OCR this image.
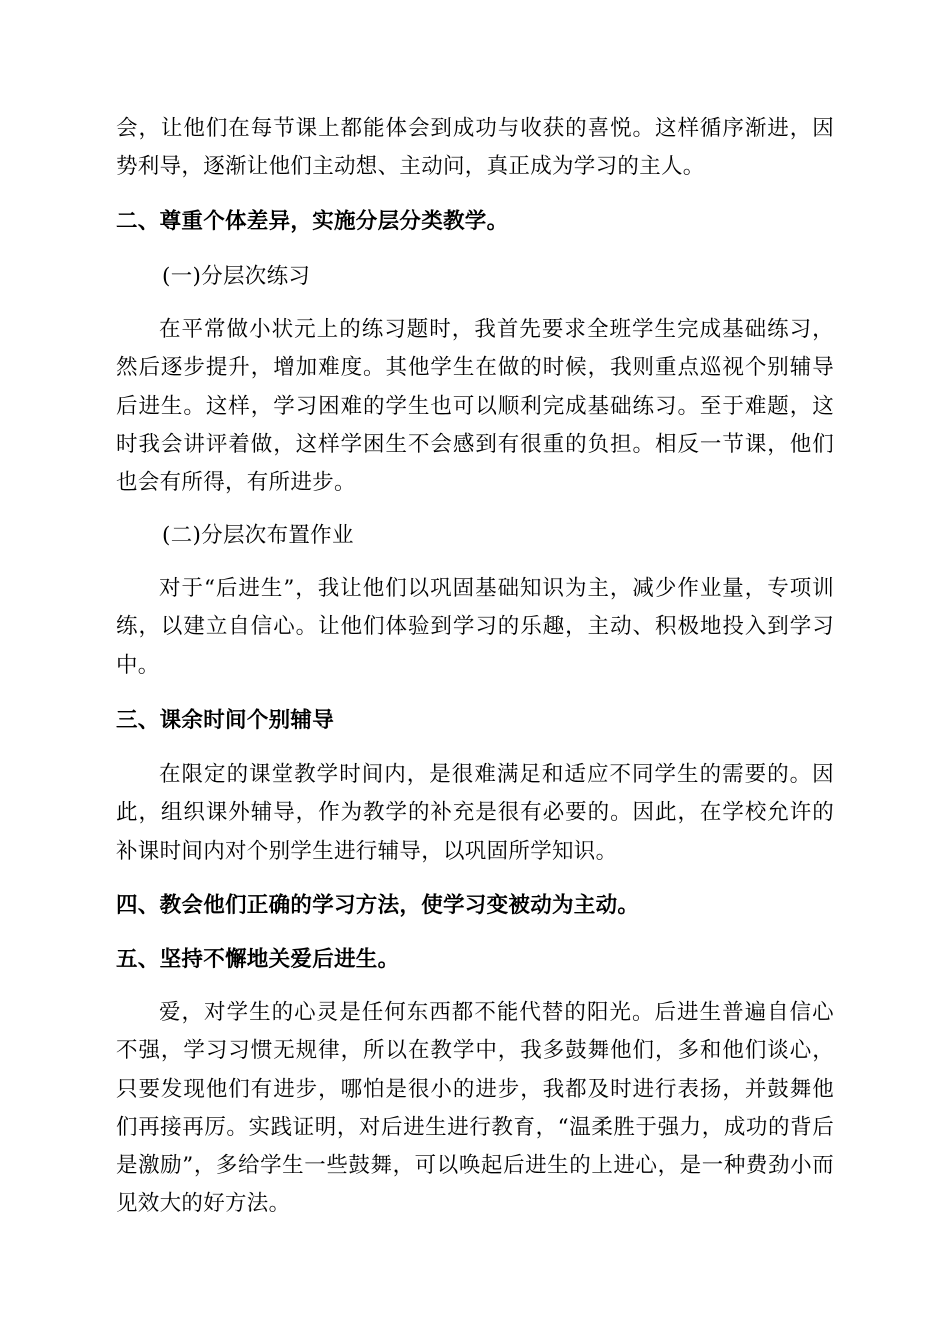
会，让他们在每节课上都能体会到成功与收获的喜悦。这样循序渐进，因势利导，逐渐让他们主动想、主动问，真正成为学习的主人。

二、尊重个体差异，实施分层分类教学。

(一)分层次练习

在平常做小状元上的练习题时，我首先要求全班学生完成基础练习，然后逐步提升，增加难度。其他学生在做的时候，我则重点巡视个别辅导后进生。这样，学习困难的学生也可以顺利完成基础练习。至于难题，这时我会讲评着做，这样学困生不会感到有很重的负担。相反一节课，他们也会有所得，有所进步。

(二)分层次布置作业

对于“后进生”，我让他们以巩固基础知识为主，减少作业量，专项训练，以建立自信心。让他们体验到学习的乐趣，主动、积极地投入到学习中。

三、课余时间个别辅导

在限定的课堂教学时间内，是很难满足和适应不同学生的需要的。因此，组织课外辅导，作为教学的补充是很有必要的。因此，在学校允许的补课时间内对个别学生进行辅导，以巩固所学知识。

四、教会他们正确的学习方法，使学习变被动为主动。

五、坚持不懈地关爱后进生。

爱，对学生的心灵是任何东西都不能代替的阳光。后进生普遍自信心不强，学习习惯无规律，所以在教学中，我多鼓舞他们，多和他们谈心，只要发现他们有进步，哪怕是很小的进步，我都及时进行表扬，并鼓舞他们再接再厉。实践证明，对后进生进行教育，“温柔胜于强力，成功的背后是激励”，多给学生一些鼓舞，可以唤起后进生的上进心，是一种费劲小而见效大的好方法。
